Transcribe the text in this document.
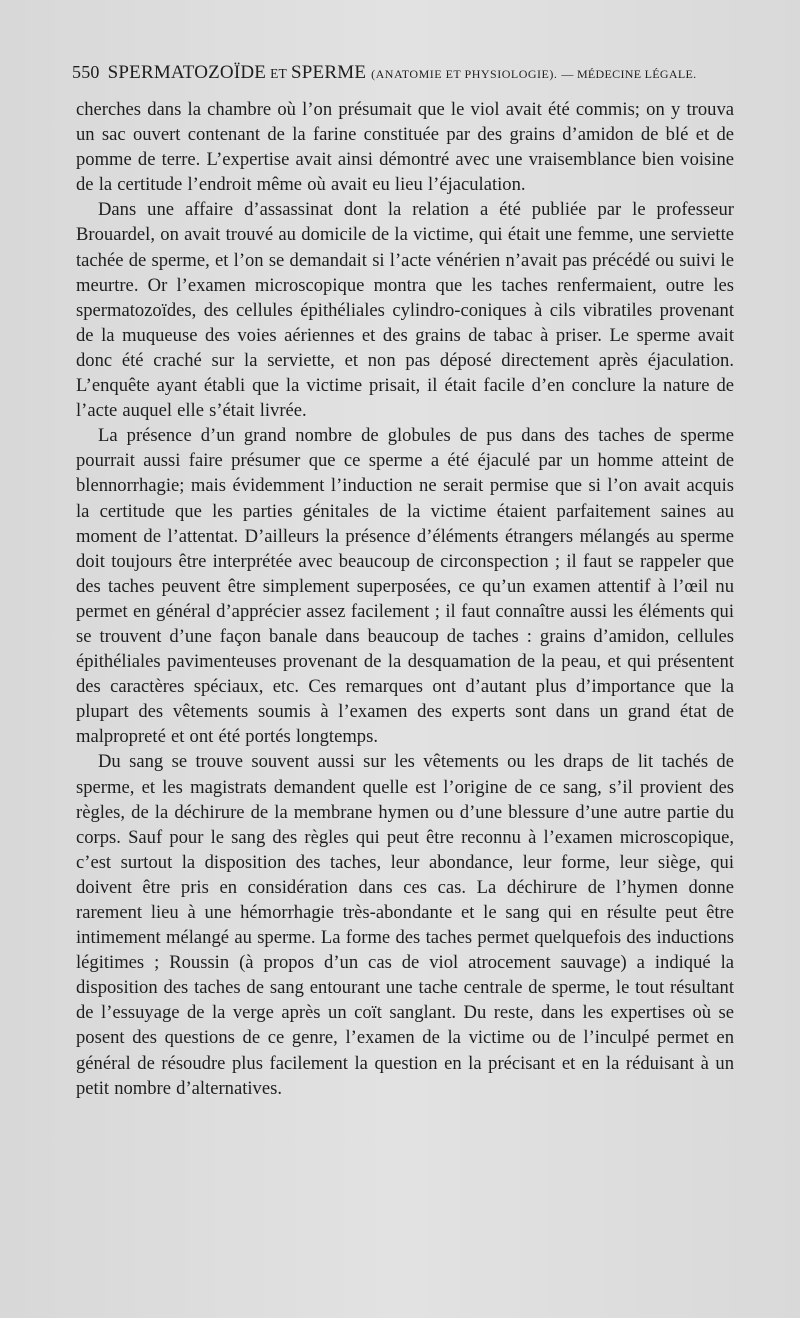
550 SPERMATOZOÏDE ET SPERME (ANATOMIE ET PHYSIOLOGIE). — MÉDECINE LÉGALE.

cherches dans la chambre où l’on présumait que le viol avait été commis; on y trouva un sac ouvert contenant de la farine constituée par des grains d’amidon de blé et de pomme de terre. L’expertise avait ainsi démontré avec une vraisemblance bien voisine de la certitude l’endroit même où avait eu lieu l’éjaculation.

Dans une affaire d’assassinat dont la relation a été publiée par le professeur Brouardel, on avait trouvé au domicile de la victime, qui était une femme, une serviette tachée de sperme, et l’on se demandait si l’acte vénérien n’avait pas précédé ou suivi le meurtre. Or l’examen microscopique montra que les taches renfermaient, outre les spermatozoïdes, des cellules épithéliales cylindro-coniques à cils vibratiles provenant de la muqueuse des voies aériennes et des grains de tabac à priser. Le sperme avait donc été craché sur la serviette, et non pas déposé directement après éjaculation. L’enquête ayant établi que la victime prisait, il était facile d’en conclure la nature de l’acte auquel elle s’était livrée.

La présence d’un grand nombre de globules de pus dans des taches de sperme pourrait aussi faire présumer que ce sperme a été éjaculé par un homme atteint de blennorrhagie; mais évidemment l’induction ne serait permise que si l’on avait acquis la certitude que les parties génitales de la victime étaient parfaitement saines au moment de l’attentat. D’ailleurs la présence d’éléments étrangers mélangés au sperme doit toujours être interprétée avec beaucoup de circonspection ; il faut se rappeler que des taches peuvent être simplement superposées, ce qu’un examen attentif à l’œil nu permet en général d’apprécier assez facilement ; il faut connaître aussi les éléments qui se trouvent d’une façon banale dans beaucoup de taches : grains d’amidon, cellules épithéliales pavimenteuses provenant de la desquamation de la peau, et qui présentent des caractères spéciaux, etc. Ces remarques ont d’autant plus d’importance que la plupart des vêtements soumis à l’examen des experts sont dans un grand état de malpropreté et ont été portés longtemps.

Du sang se trouve souvent aussi sur les vêtements ou les draps de lit tachés de sperme, et les magistrats demandent quelle est l’origine de ce sang, s’il provient des règles, de la déchirure de la membrane hymen ou d’une blessure d’une autre partie du corps. Sauf pour le sang des règles qui peut être reconnu à l’examen microscopique, c’est surtout la disposition des taches, leur abondance, leur forme, leur siège, qui doivent être pris en considération dans ces cas. La déchirure de l’hymen donne rarement lieu à une hémorrhagie très-abondante et le sang qui en résulte peut être intimement mélangé au sperme. La forme des taches permet quelquefois des inductions légitimes ; Roussin (à propos d’un cas de viol atrocement sauvage) a indiqué la disposition des taches de sang entourant une tache centrale de sperme, le tout résultant de l’essuyage de la verge après un coït sanglant. Du reste, dans les expertises où se posent des questions de ce genre, l’examen de la victime ou de l’inculpé permet en général de résoudre plus facilement la question en la précisant et en la réduisant à un petit nombre d’alternatives.
